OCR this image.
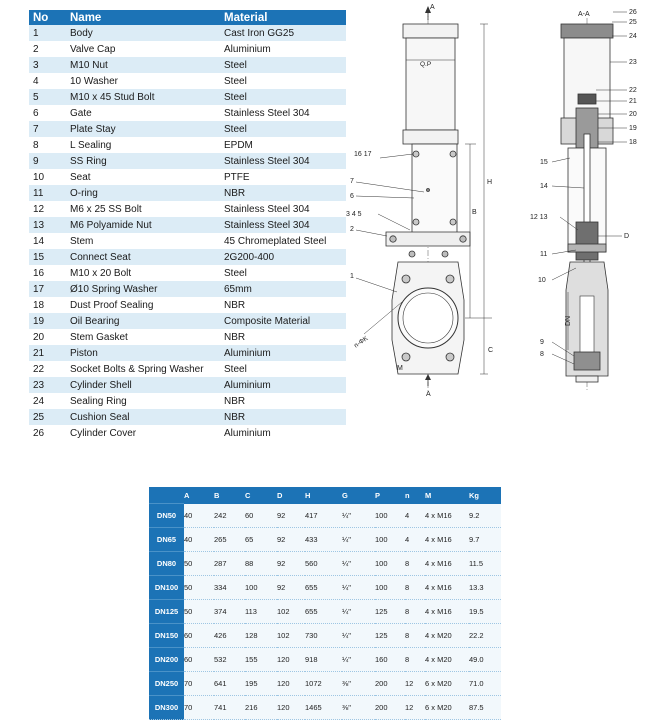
No	Name	Material
1	Body	Cast Iron GG25
2	Valve Cap	Aluminium
3	M10 Nut	Steel
4	10 Washer	Steel
5	M10 x 45 Stud Bolt	Steel
6	Gate	Stainless Steel 304
7	Plate Stay	Steel
8	L Sealing	EPDM
9	SS Ring	Stainless Steel 304
10	Seat	PTFE
11	O-ring	NBR
12	M6 x 25 SS Bolt	Stainless Steel 304
13	M6 Polyamide Nut	Stainless Steel 304
14	Stem	45 Chromeplated Steel
15	Connect Seat	2G200-400
16	M10 x 20 Bolt	Steel
17	Ø10 Spring Washer	65mm
18	Dust Proof Sealing	NBR
19	Oil Bearing	Composite Material
20	Stem Gasket	NBR
21	Piston	Aluminium
22	Socket Bolts & Spring Washer	Steel
23	Cylinder Shell	Aluminium
24	Sealing Ring	NBR
25	Cushion Seal	NBR
26	Cylinder Cover	Aluminium
A
Q.P
A
H
B
C
16 17
7
6
3 4 5
2
1
n-ΦK
M
A-A	26
25
24
23
22
21
20
19
18
15
14
12 13
11
10
9
8
D
DN
	A	B	C	D	H	G	P	n	M	Kg
DN50	40	242	60	92	417	¼"	100	4	4 x M16	9.2
DN65	40	265	65	92	433	¼"	100	4	4 x M16	9.7
DN80	50	287	88	92	560	¼"	100	8	4 x M16	11.5
DN100	50	334	100	92	655	¼"	100	8	4 x M16	13.3
DN125	50	374	113	102	655	¼"	125	8	4 x M16	19.5
DN150	60	426	128	102	730	¼"	125	8	4 x M20	22.2
DN200	60	532	155	120	918	¼"	160	8	4 x M20	49.0
DN250	70	641	195	120	1072	⅜"	200	12	6 x M20	71.0
DN300	70	741	216	120	1465	⅜"	200	12	6 x M20	87.5
